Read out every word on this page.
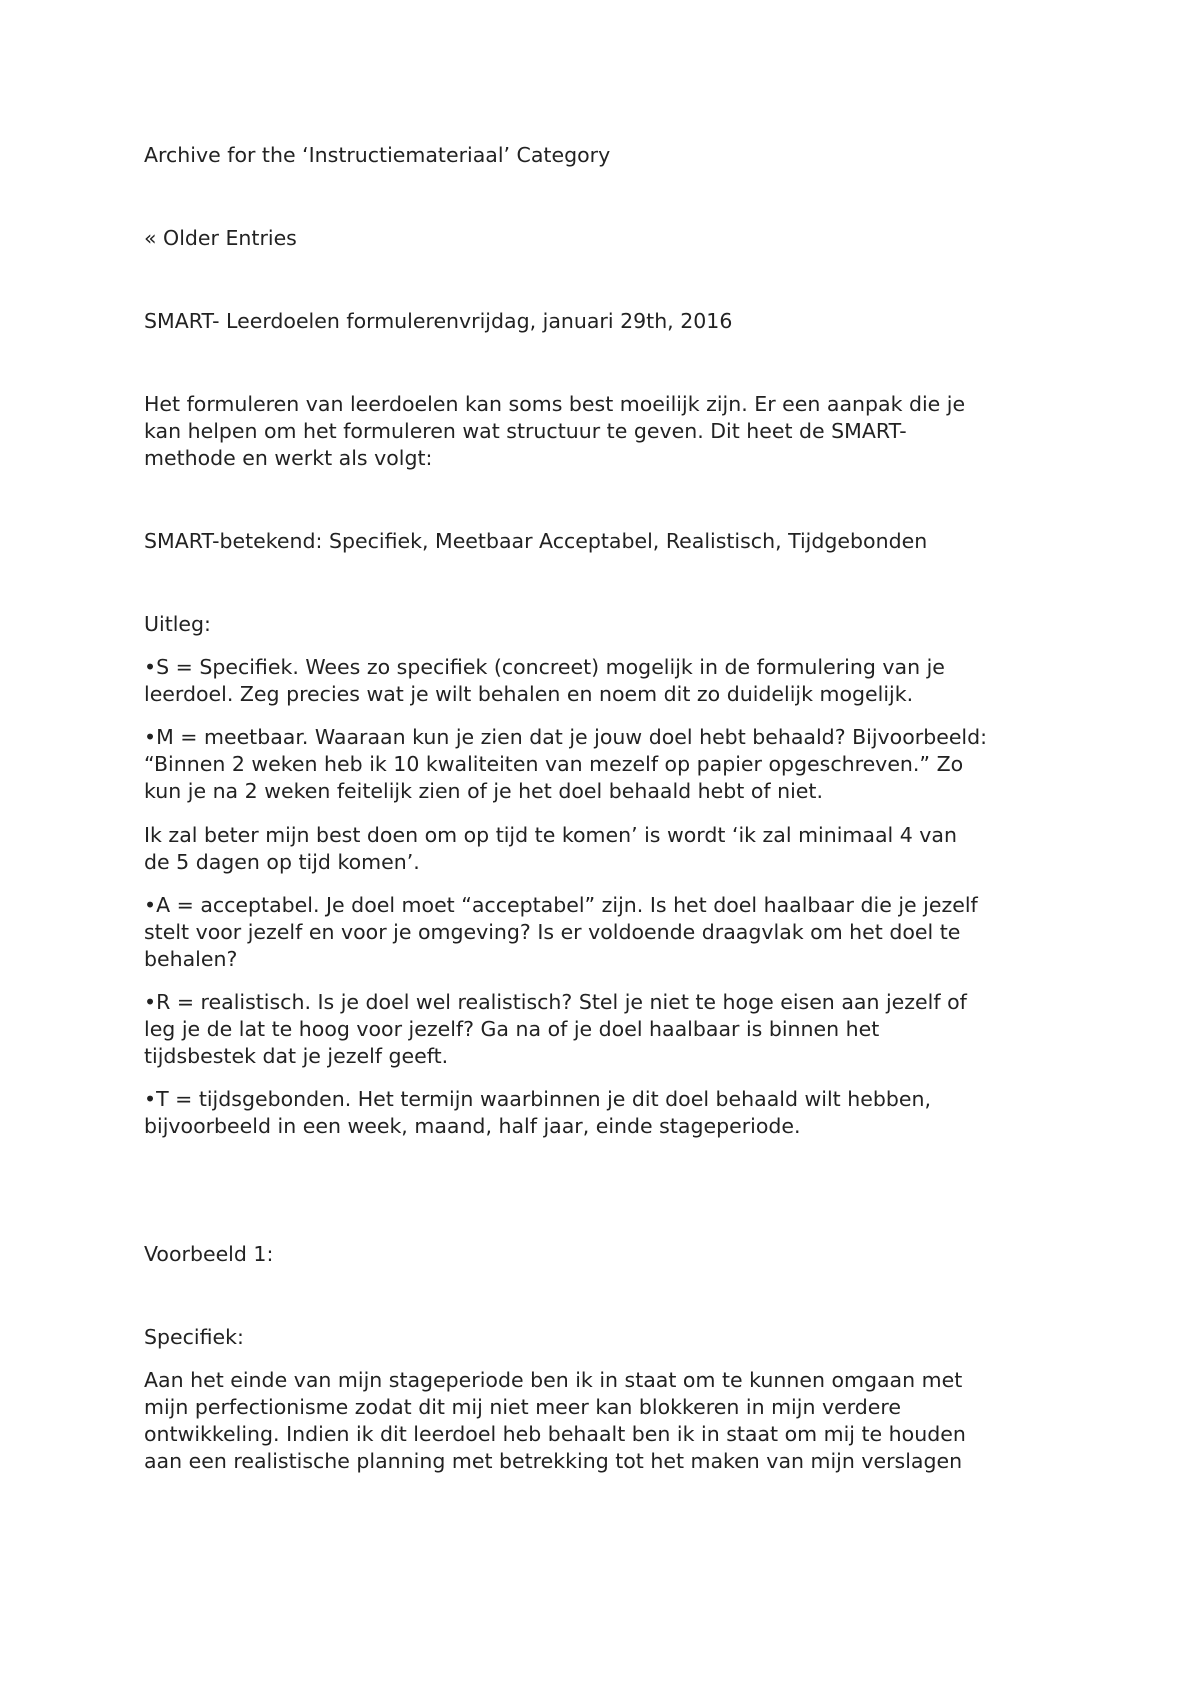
Archive for the ‘Instructiemateriaal’ Category

« Older Entries

SMART- Leerdoelen formulerenvrijdag, januari 29th, 2016

Het formuleren van leerdoelen kan soms best moeilijk zijn. Er een aanpak die je

kan helpen om het formuleren wat structuur te geven. Dit heet de SMART-

methode en werkt als volgt:

SMART-betekend: Specifiek, Meetbaar Acceptabel, Realistisch, Tijdgebonden

Uitleg:

•S = Specifiek. Wees zo specifiek (concreet) mogelijk in de formulering van je

leerdoel. Zeg precies wat je wilt behalen en noem dit zo duidelijk mogelijk.

•M = meetbaar. Waaraan kun je zien dat je jouw doel hebt behaald? Bijvoorbeeld:

“Binnen 2 weken heb ik 10 kwaliteiten van mezelf op papier opgeschreven.” Zo

kun je na 2 weken feitelijk zien of je het doel behaald hebt of niet.

Ik zal beter mijn best doen om op tijd te komen’ is wordt ‘ik zal minimaal 4 van

de 5 dagen op tijd komen’.

•A = acceptabel. Je doel moet “acceptabel” zijn. Is het doel haalbaar die je jezelf

stelt voor jezelf en voor je omgeving? Is er voldoende draagvlak om het doel te

behalen?

•R = realistisch. Is je doel wel realistisch? Stel je niet te hoge eisen aan jezelf of

leg je de lat te hoog voor jezelf? Ga na of je doel haalbaar is binnen het

tijdsbestek dat je jezelf geeft.

•T = tijdsgebonden. Het termijn waarbinnen je dit doel behaald wilt hebben,

bijvoorbeeld in een week, maand, half jaar, einde stageperiode.

Voorbeeld 1:

Specifiek:

Aan het einde van mijn stageperiode ben ik in staat om te kunnen omgaan met

mijn perfectionisme zodat dit mij niet meer kan blokkeren in mijn verdere

ontwikkeling. Indien ik dit leerdoel heb behaalt ben ik in staat om mij te houden

aan een realistische planning met betrekking tot het maken van mijn verslagen
